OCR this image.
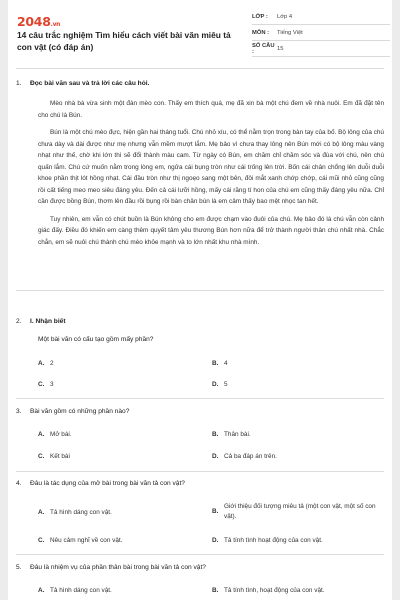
2048.vn
14 câu trắc nghiệm Tìm hiểu cách viết bài văn miêu tả con vật (có đáp án)
LỚP :	Lớp 4
MÔN :	Tiếng Việt
SỐ CÂU :	15
1.	Đọc bài văn sau và trả lời các câu hỏi.

Mèo nhà bà vừa sinh một đàn mèo con. Thấy em thích quá, mẹ đã xin bà một chú đem về nhà nuôi. Em đã đặt tên cho chú là Bún.

Bún là một chú mèo đực, hiện gần hai tháng tuổi. Chú nhỏ xíu, có thể nằm trọn trong bàn tay của bố. Bộ lông của chú chưa dày và dài được như mẹ nhưng vẫn mềm mượt lắm. Mẹ bảo vì chưa thay lông nên Bún mới có bộ lông màu vàng nhạt như thế, chờ khi lớn thì sẽ đổi thành màu cam. Từ ngày có Bún, em chăm chỉ chăm sóc và đùa với chú, nên chú quấn lắm. Chú cứ muốn nằm trong lòng em, ngửa cái bụng tròn như cái trống lên trời. Bốn cái chân chổng lên duỗi duỗi khoe phần thịt lót hồng nhạt. Cái đầu tròn như thị ngoẹo sang một bên, đôi mắt xanh chớp chớp, cái mũi nhỏ cũng cũng rồi cất tiếng meo meo siêu đáng yêu. Đến cả cái lưỡi hồng, mấy cái răng tí hon của chú em cũng thấy đáng yêu nữa. Chỉ cần được bồng Bún, thơm lên đầu rồi bụng rồi bàn chân bún là em cảm thấy bao mệt nhọc tan hết.

Tuy nhiên, em vẫn có chút buồn là Bún không cho em được chạm vào đuôi của chú. Mẹ bảo đó là chú vẫn còn cảnh giác đấy. Điều đó khiến em càng thêm quyết tâm yêu thương Bún hơn nữa để trở thành người thân chú nhất nhà. Chắc chắn, em sẽ nuôi chú thành chú mèo khỏe mạnh và to lớn nhất khu nhà mình.

2.	I. Nhận biết
Một bài văn có cấu tạo gồm mấy phần?
A. 2	B. 4
C. 3	D. 5
3.	Bài văn gồm có những phần nào?
A. Mở bài.	B. Thân bài.
C. Kết bài	D. Cả ba đáp án trên.
4.	Đâu là tác dụng của mở bài trong bài văn tả con vật?
A. Tả hình dáng con vật.	B.
Giới thiệu đối tượng miêu tả (một con vật, một số con vật).
C. Nêu cảm nghĩ về con vật.	D. Tả tính tình hoạt động của con vật.
5.	Đâu là nhiệm vụ của phần thân bài trong bài văn tả con vật?
A. Tả hình dáng con vật.	B. Tả tính tình, hoạt động của con vật.
